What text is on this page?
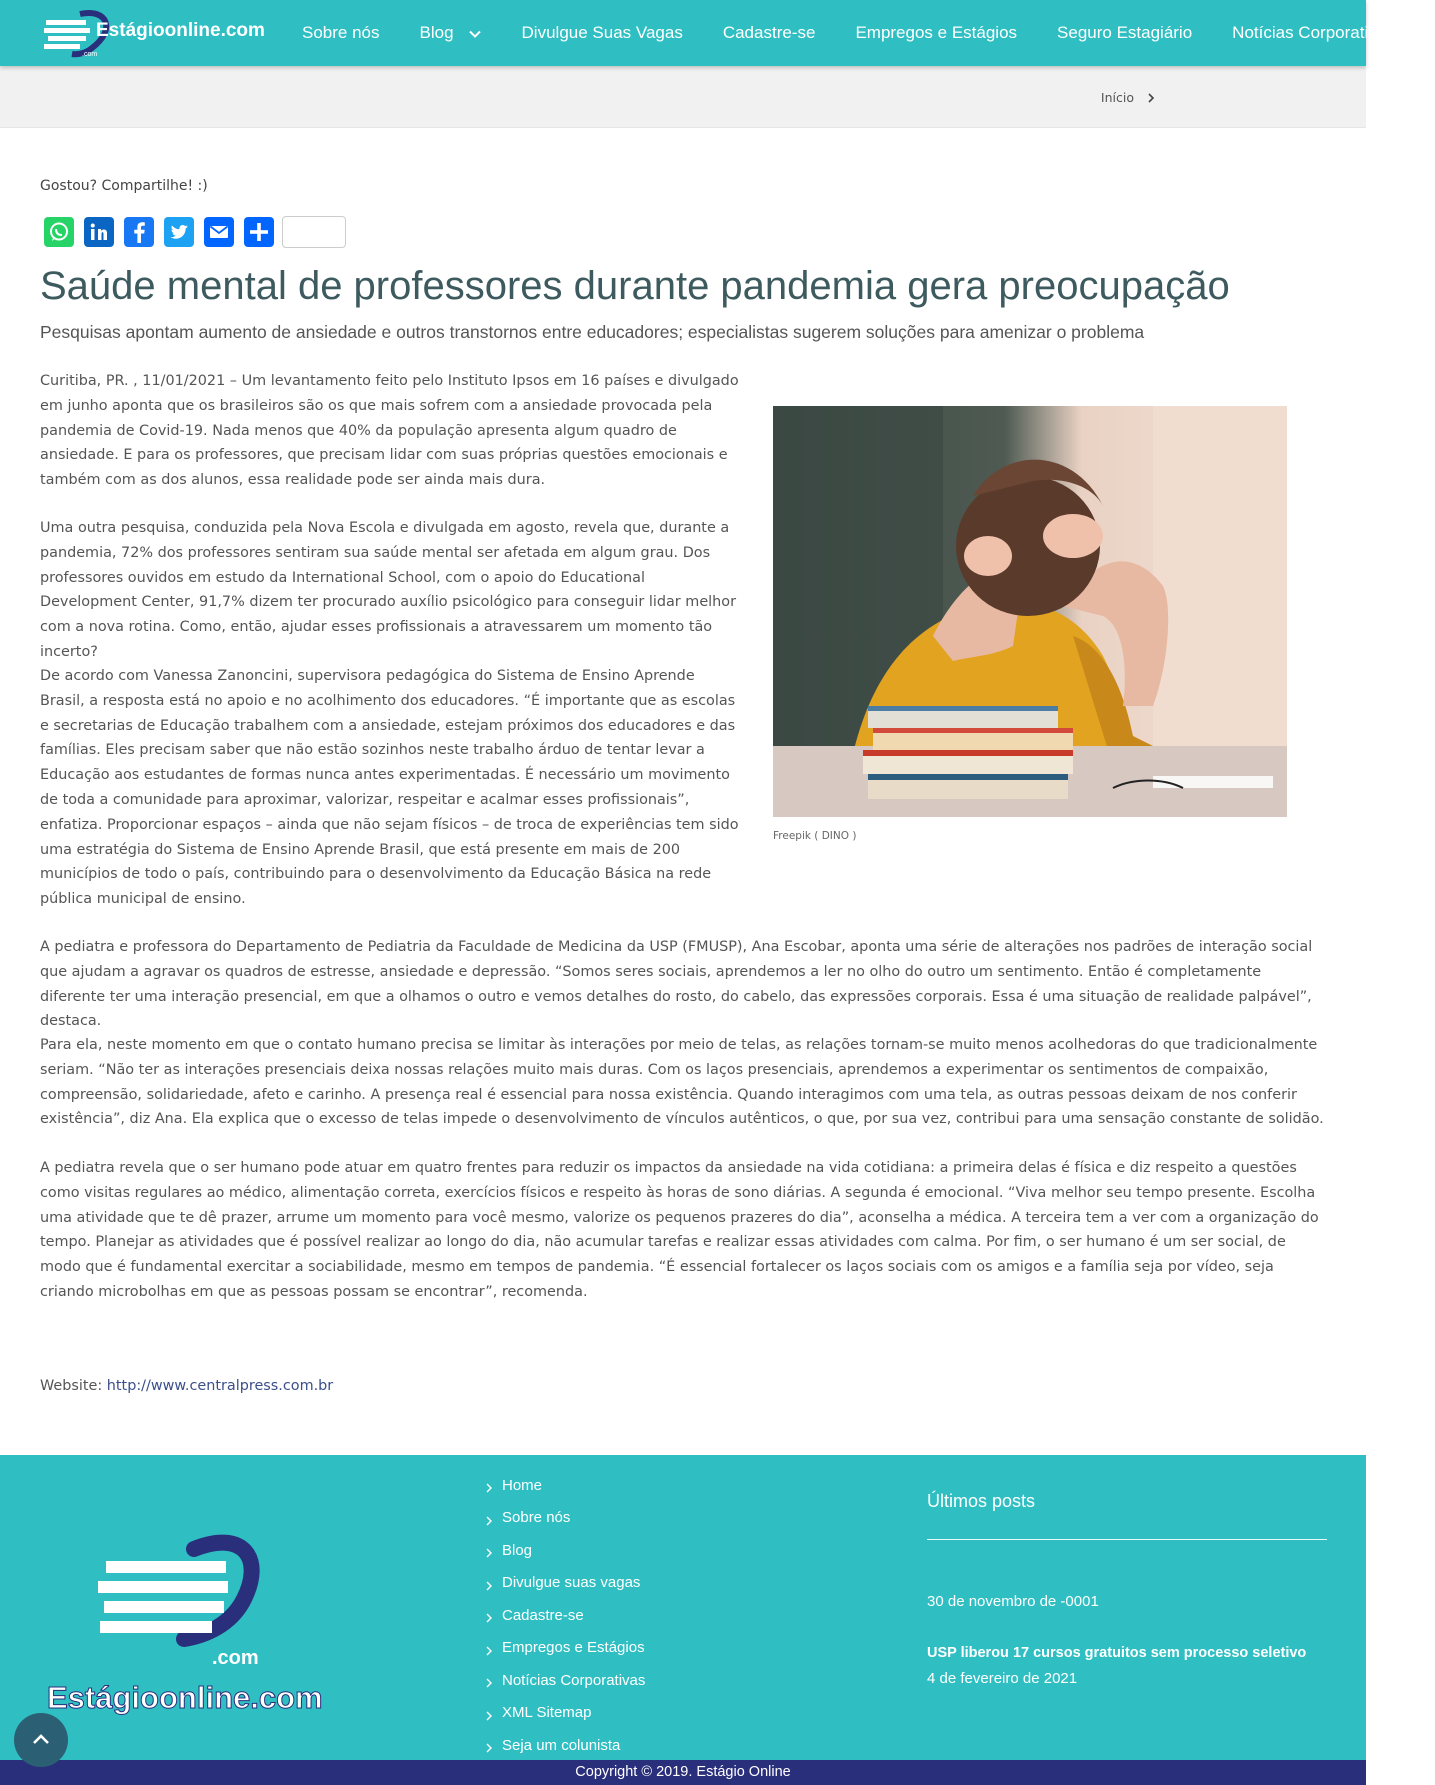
.com
Estágioonline.com Sobre nós Blog	Divulgue Suas Vagas Cadastre-se Empregos e Estágios Seguro Estagiário Notícias Corporativas
Início
Gostou? Compartilhe! :)
Saúde mental de professores durante pandemia gera preocupação
Pesquisas apontam aumento de ansiedade e outros transtornos entre educadores; especialistas sugerem soluções para amenizar o problema

Curitiba, PR. , 11/01/2021 – Um levantamento feito pelo Instituto Ipsos em 16 países e divulgado em junho aponta que os brasileiros são os que mais sofrem com a ansiedade provocada pela pandemia de Covid-19. Nada menos que 40% da população apresenta algum quadro de ansiedade. E para os professores, que precisam lidar com suas próprias questões emocionais e também com as dos alunos, essa realidade pode ser ainda mais dura.

Uma outra pesquisa, conduzida pela Nova Escola e divulgada em agosto, revela que, durante a pandemia, 72% dos professores sentiram sua saúde mental ser afetada em algum grau. Dos professores ouvidos em estudo da International School, com o apoio do Educational Development Center, 91,7% dizem ter procurado auxílio psicológico para conseguir lidar melhor com a nova rotina. Como, então, ajudar esses profissionais a atravessarem um momento tão incerto?

De acordo com Vanessa Zanoncini, supervisora pedagógica do Sistema de Ensino Aprende Brasil, a resposta está no apoio e no acolhimento dos educadores. “É importante que as escolas e secretarias de Educação trabalhem com a ansiedade, estejam próximos dos educadores e das famílias. Eles precisam saber que não estão sozinhos neste trabalho árduo de tentar levar a Educação aos estudantes de formas nunca antes experimentadas. É necessário um movimento de toda a comunidade para aproximar, valorizar, respeitar e acalmar esses profissionais”, enfatiza. Proporcionar espaços – ainda que não sejam físicos – de troca de experiências tem sido uma estratégia do Sistema de Ensino Aprende Brasil, que está presente em mais de 200 municípios de todo o país, contribuindo para o desenvolvimento da Educação Básica na rede pública municipal de ensino.

A pediatra e professora do Departamento de Pediatria da Faculdade de Medicina da USP (FMUSP), Ana Escobar, aponta uma série de alterações nos padrões de interação social que ajudam a agravar os quadros de estresse, ansiedade e depressão. “Somos seres sociais, aprendemos a ler no olho do outro um sentimento. Então é completamente diferente ter uma interação presencial, em que a olhamos o outro e vemos detalhes do rosto, do cabelo, das expressões corporais. Essa é uma situação de realidade palpável”, destaca.

Para ela, neste momento em que o contato humano precisa se limitar às interações por meio de telas, as relações tornam-se muito menos acolhedoras do que tradicionalmente seriam. “Não ter as interações presenciais deixa nossas relações muito mais duras. Com os laços presenciais, aprendemos a experimentar os sentimentos de compaixão, compreensão, solidariedade, afeto e carinho. A presença real é essencial para nossa existência. Quando interagimos com uma tela, as outras pessoas deixam de nos conferir existência”, diz Ana. Ela explica que o excesso de telas impede o desenvolvimento de vínculos autênticos, o que, por sua vez, contribui para uma sensação constante de solidão.

A pediatra revela que o ser humano pode atuar em quatro frentes para reduzir os impactos da ansiedade na vida cotidiana: a primeira delas é física e diz respeito a questões como visitas regulares ao médico, alimentação correta, exercícios físicos e respeito às horas de sono diárias. A segunda é emocional. “Viva melhor seu tempo presente. Escolha uma atividade que te dê prazer, arrume um momento para você mesmo, valorize os pequenos prazeres do dia”, aconselha a médica. A terceira tem a ver com a organização do tempo. Planejar as atividades que é possível realizar ao longo do dia, não acumular tarefas e realizar essas atividades com calma. Por fim, o ser humano é um ser social, de modo que é fundamental exercitar a sociabilidade, mesmo em tempos de pandemia. “É essencial fortalecer os laços sociais com os amigos e a família seja por vídeo, seja criando microbolhas em que as pessoas possam se encontrar”, recomenda.

Freepik ( DINO )
Website: http://www.centralpress.com.br
.com
Estágioonline.com
Home
Sobre nós
Blog
Divulgue suas vagas
Cadastre-se
Empregos e Estágios
Notícias Corporativas
XML Sitemap
Seja um colunista
Últimos posts
30 de novembro de -0001
USP liberou 17 cursos gratuitos sem processo seletivo
4 de fevereiro de 2021
Copyright © 2019. Estágio Online
